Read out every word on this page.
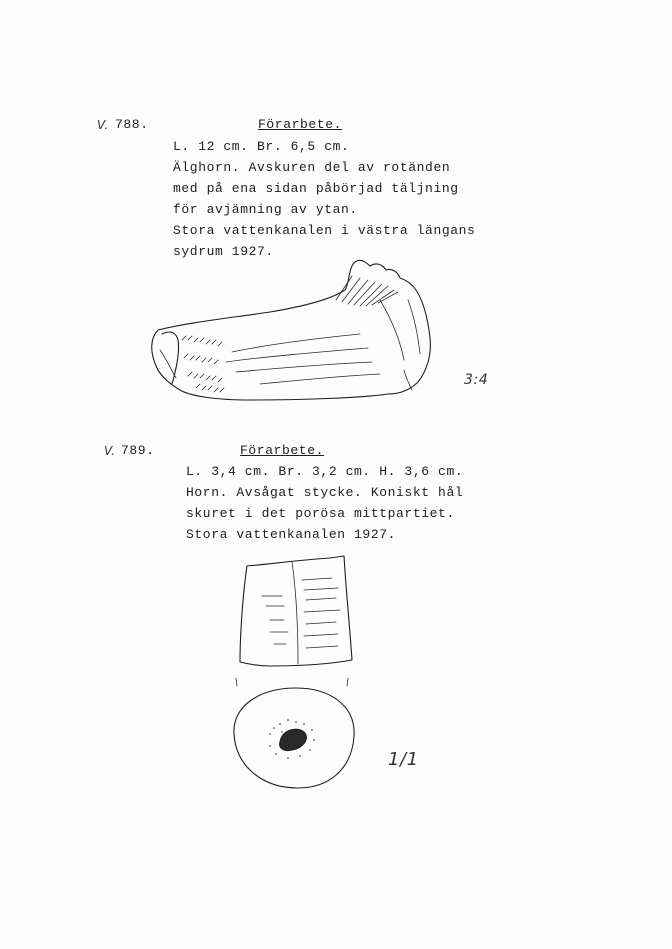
V. 788.	Förarbete.
L. 12 cm. Br. 6,5 cm.
Älghorn. Avskuren del av rotänden
med på ena sidan påbörjad täljning
för avjämning av ytan.
Stora vattenkanalen i västra längans
sydrum 1927.
3:4
V. 789.	Förarbete.
L. 3,4 cm. Br. 3,2 cm. H. 3,6 cm.
Horn. Avsågat stycke. Koniskt hål
skuret i det porösa mittpartiet.
Stora vattenkanalen 1927.
1/1
